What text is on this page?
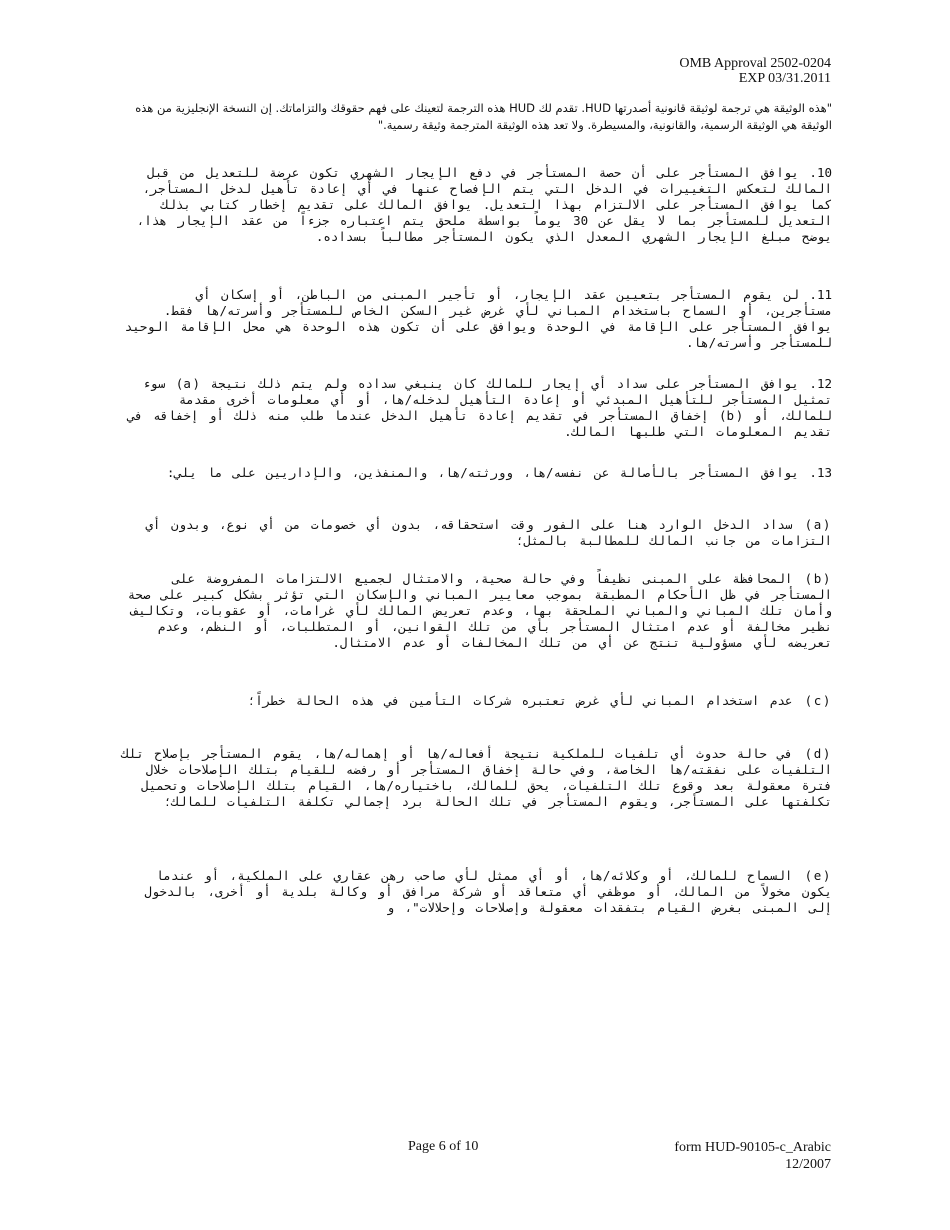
OMB Approval 2502-0204
EXP 03/31.2011
"هذه الوثيقة هي ترجمة لوثيقة قانونية أصدرتها HUD. تقدم لك HUD هذه الترجمة لتعينك على فهم حقوقك والتزاماتك. إن النسخة الإنجليزية من هذه الوثيقة هي الوثيقة الرسمية، والقانونية، والمسيطرة. ولا تعد هذه الوثيقة المترجمة وثيقة رسمية."
10. يوافق المستأجر على أن حصة المستأجر في دفع الإيجار الشهري تكون عرضة للتعديل من قبل المالك لتعكس التغييرات في الدخل التي يتم الإفصاح عنها في أي إعادة تأهيل لدخل المستأجر، كما يوافق المستأجر على الالتزام بهذا التعديل. يوافق المالك على تقديم إخطار كتابي بذلك التعديل للمستأجر بما لا يقل عن 30 يوماً بواسطة ملحق يتم اعتباره جزءاً من عقد الإيجار هذا، يوضح مبلغ الإيجار الشهري المعدل الذي يكون المستأجر مطالباً بسداده.
11. لن يقوم المستأجر بتعيين عقد الإيجار، أو تأجير المبنى من الباطن، أو إسكان أي مستأجرين، أو السماح باستخدام المباني لأي غرض غير السكن الخاص للمستأجر وأسرته/ها فقط. يوافق المستأجر على الإقامة في الوحدة ويوافق على أن تكون هذه الوحدة هي محل الإقامة الوحيد للمستأجر وأسرته/ها.
12. يوافق المستأجر على سداد أي إيجار للمالك كان ينبغي سداده ولم يتم ذلك نتيجة (a) سوء تمثيل المستأجر للتأهيل المبدئي أو إعادة التأهيل لدخله/ها، أو أي معلومات أخرى مقدمة للمالك، أو (b) إخفاق المستأجر في تقديم إعادة تأهيل الدخل عندما طلب منه ذلك أو إخفاقه في تقديم المعلومات التي طلبها المالك.
13. يوافق المستأجر بالأصالة عن نفسه/ها، وورثته/ها، والمنفذين، والإداريين على ما يلي:
(a) سداد الدخل الوارد هنا على الفور وقت استحقاقه، بدون أي خصومات من أي نوع، وبدون أي التزامات من جانب المالك للمطالبة بالمثل؛
(b) المحافظة على المبنى نظيفاً وفي حالة صحية، والامتثال لجميع الالتزامات المفروضة على المستأجر في ظل الأحكام المطبقة بموجب معايير المباني والإسكان التي تؤثر بشكل كبير على صحة وأمان تلك المباني والمباني الملحقة بها، وعدم تعريض المالك لأي غرامات، أو عقوبات، وتكاليف نظير مخالفة أو عدم امتثال المستأجر بأي من تلك القوانين، أو المتطلبات، أو النظم، وعدم تعريضه لأي مسؤولية تنتج عن أي من تلك المخالفات أو عدم الامتثال.
(c) عدم استخدام المباني لأي غرض تعتبره شركات التأمين في هذه الحالة خطراً؛
(d) في حالة حدوث أي تلفيات للملكية نتيجة أفعاله/ها أو إهماله/ها، يقوم المستأجر بإصلاح تلك التلفيات على نفقته/ها الخاصة، وفي حالة إخفاق المستأجر أو رفضه للقيام بتلك الإصلاحات خلال فترة معقولة بعد وقوع تلك التلفيات، يحق للمالك، باختياره/ها، القيام بتلك الإصلاحات وتحميل تكلفتها على المستأجر، ويقوم المستأجر في تلك الحالة برد إجمالي تكلفة التلفيات للمالك؛
(e) السماح للمالك، أو وكلائه/ها، أو أي ممثل لأي صاحب رهن عقاري على الملكية، أو عندما يكون مخولاً من المالك، أو موظفي أي متعاقد أو شركة مرافق أو وكالة بلدية أو أخرى، بالدخول إلى المبنى بغرض القيام بتفقدات معقولة وإصلاحات وإحلالات"، و
Page 6 of 10	form HUD-90105-c_Arabic
12/2007
